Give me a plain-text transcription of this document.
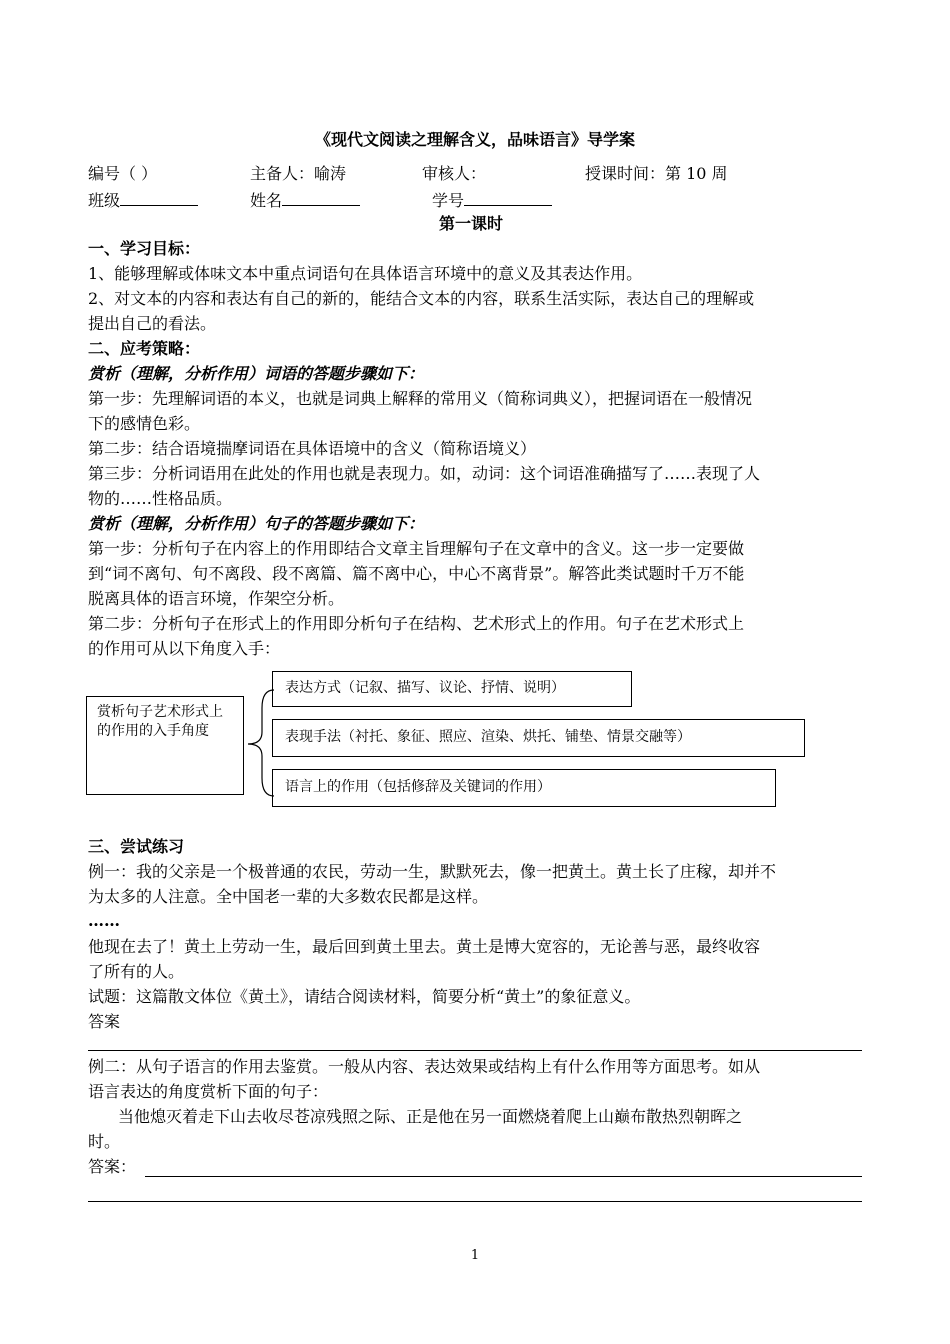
《现代文阅读之理解含义，品味语言》导学案
编号（ ）	主备人：喻涛	审核人：	授课时间：第 10 周
班级	姓名	学号
第一课时
一、学习目标：
1、能够理解或体味文本中重点词语句在具体语言环境中的意义及其表达作用。
2、对文本的内容和表达有自己的新的，能结合文本的内容，联系生活实际，表达自己的理解或
提出自己的看法。
二、应考策略：
赏析（理解，分析作用）词语的答题步骤如下：
第一步：先理解词语的本义，也就是词典上解释的常用义（简称词典义），把握词语在一般情况
下的感情色彩。
第二步：结合语境揣摩词语在具体语境中的含义（简称语境义）
第三步：分析词语用在此处的作用也就是表现力。如，动词：这个词语准确描写了……表现了人
物的……性格品质。
赏析（理解，分析作用）句子的答题步骤如下：
第一步：分析句子在内容上的作用即结合文章主旨理解句子在文章中的含义。这一步一定要做
到“词不离句、句不离段、段不离篇、篇不离中心，中心不离背景”。解答此类试题时千万不能
脱离具体的语言环境，作架空分析。
第二步：分析句子在形式上的作用即分析句子在结构、艺术形式上的作用。句子在艺术形式上
的作用可从以下角度入手：
赏析句子艺术形式上的作用的入手角度
表达方式（记叙、描写、议论、抒情、说明）
表现手法（衬托、象征、照应、渲染、烘托、铺垫、情景交融等）
语言上的作用（包括修辞及关键词的作用）
三、尝试练习
例一：我的父亲是一个极普通的农民，劳动一生，默默死去，像一把黄土。黄土长了庄稼，却并不
为太多的人注意。全中国老一辈的大多数农民都是这样。
……
他现在去了！黄土上劳动一生，最后回到黄土里去。黄土是博大宽容的，无论善与恶，最终收容
了所有的人。
试题：这篇散文体位《黄土》，请结合阅读材料，简要分析“黄土”的象征意义。
答案
例二：从句子语言的作用去鉴赏。一般从内容、表达效果或结构上有什么作用等方面思考。如从
语言表达的角度赏析下面的句子：
当他熄灭着走下山去收尽苍凉残照之际、正是他在另一面燃烧着爬上山巅布散热烈朝晖之
时。
答案：
1
